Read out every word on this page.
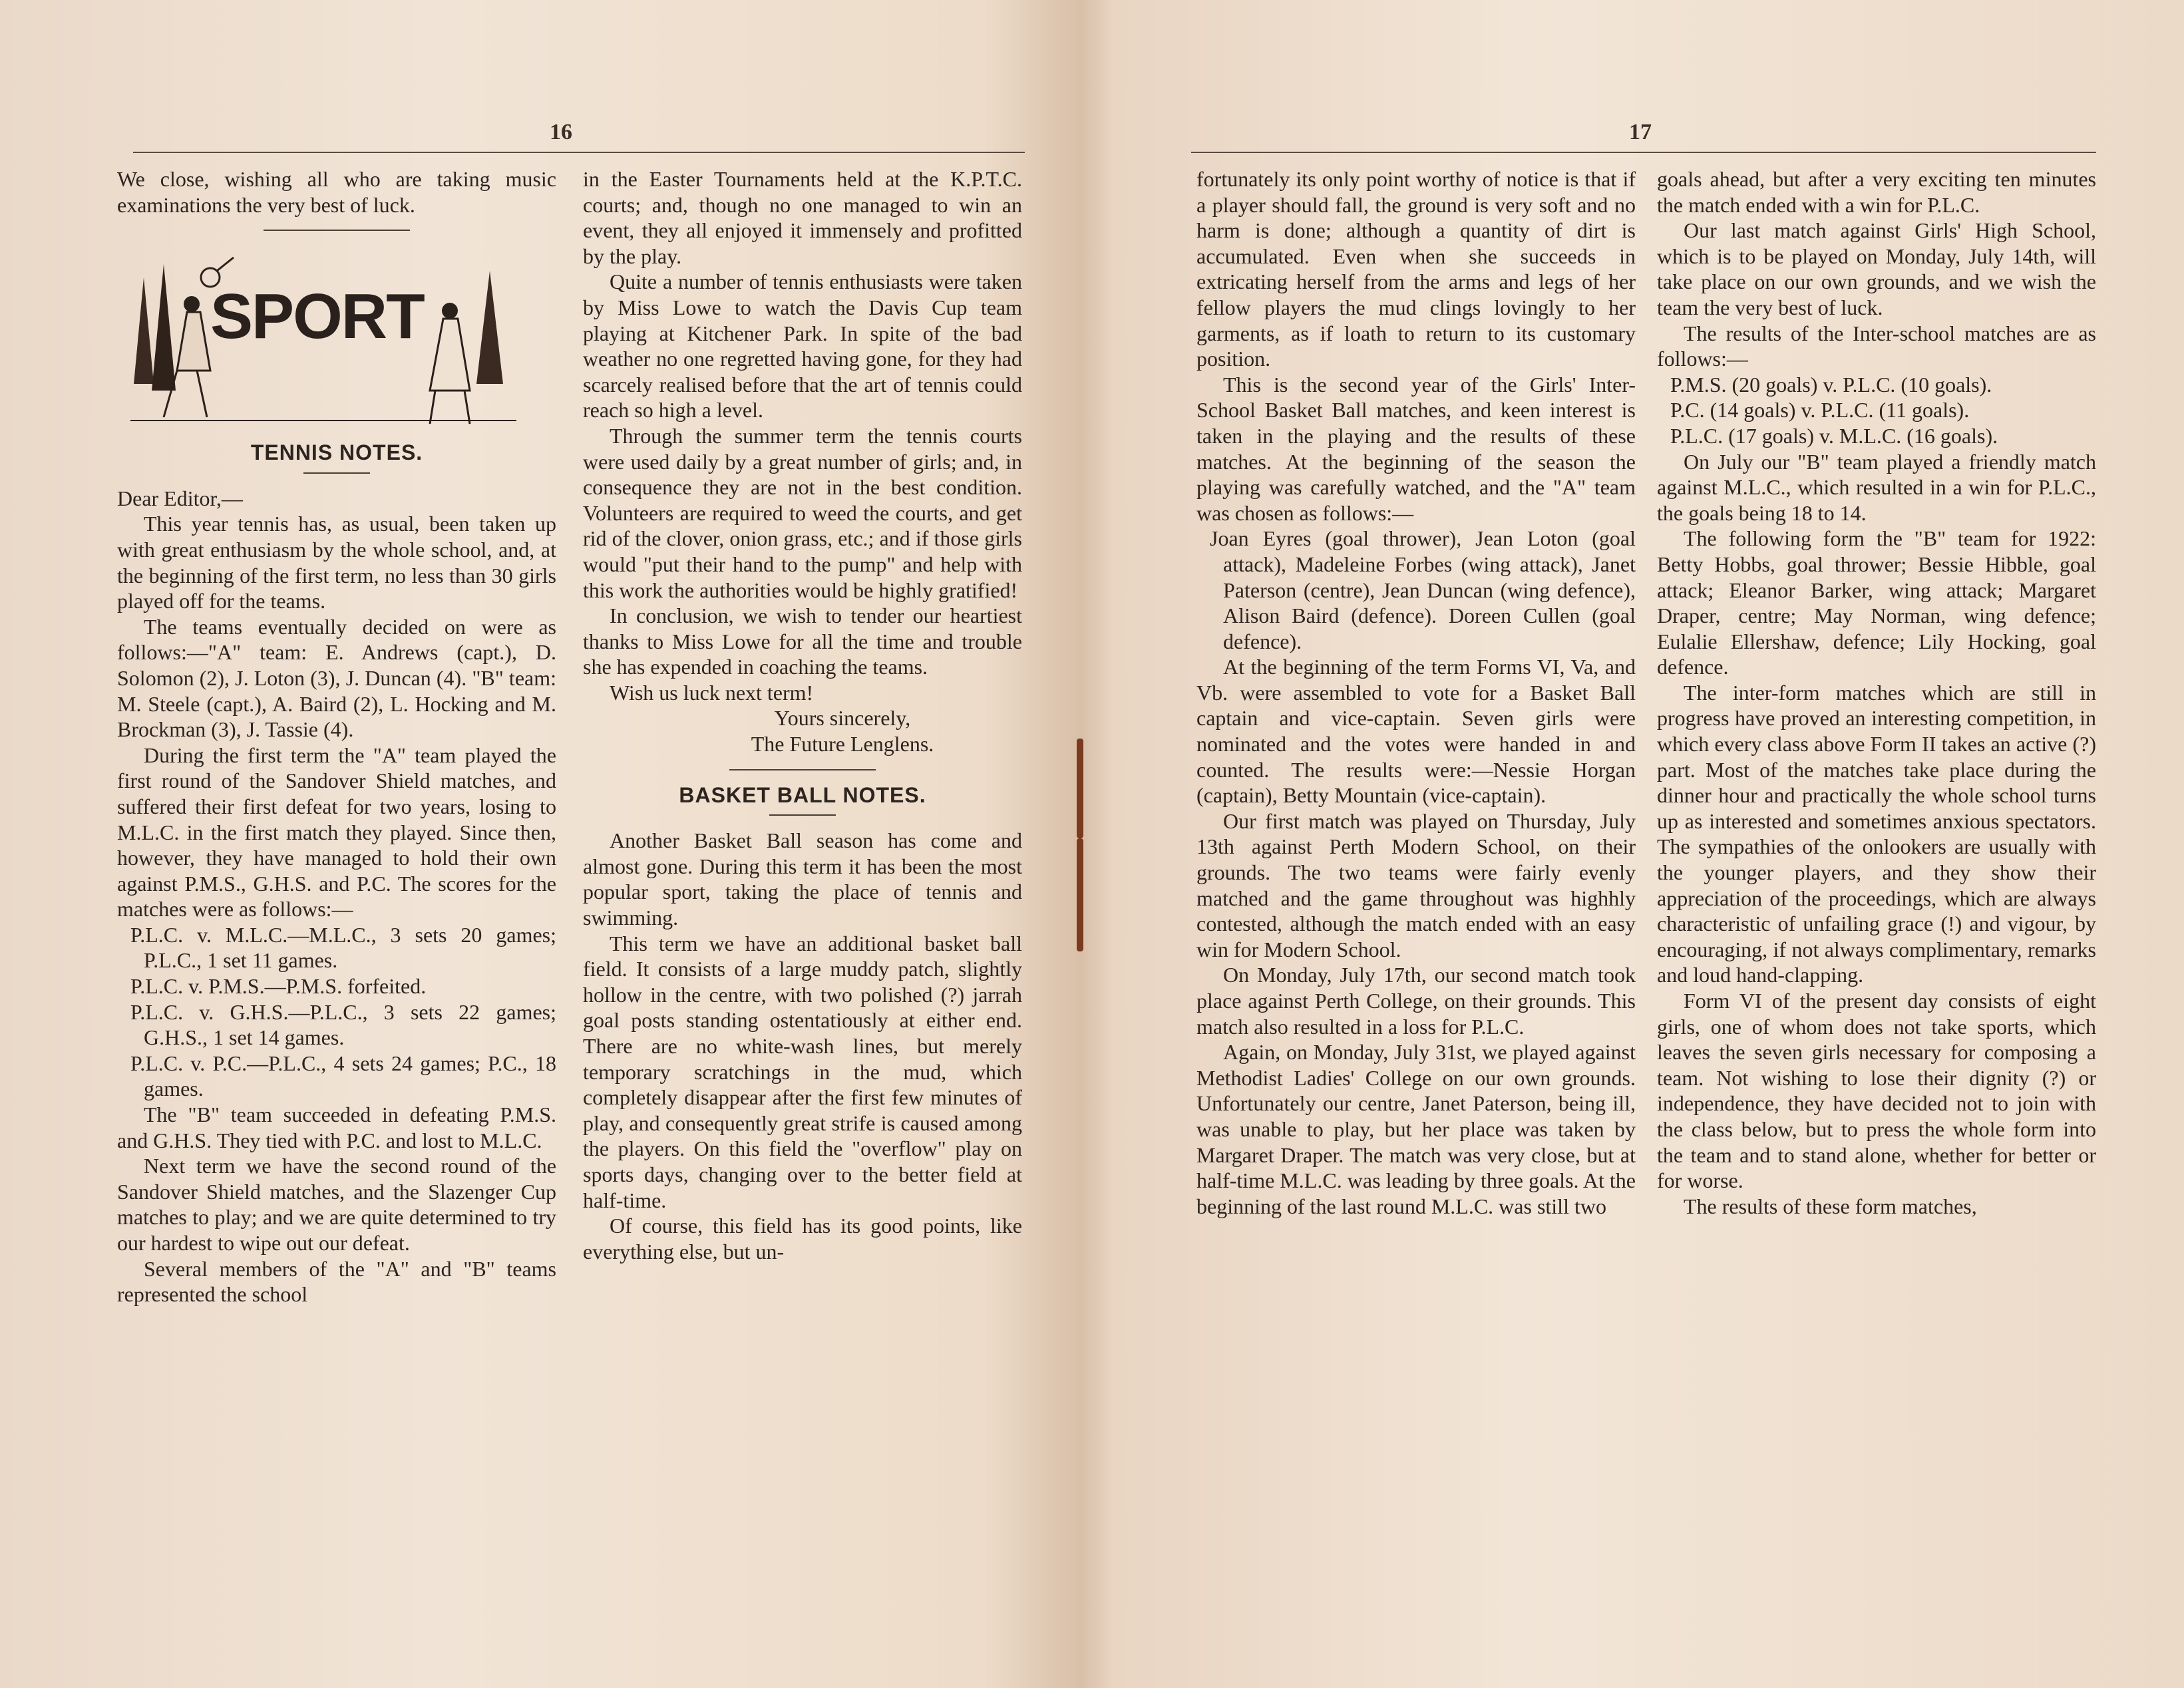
16

We close, wishing all who are taking music examinations the very best of luck.

SPORT
TENNIS NOTES.

Dear Editor,—

This year tennis has, as usual, been taken up with great enthusiasm by the whole school, and, at the beginning of the first term, no less than 30 girls played off for the teams.

The teams eventually decided on were as follows:—"A" team: E. Andrews (capt.), D. Solomon (2), J. Loton (3), J. Duncan (4). "B" team: M. Steele (capt.), A. Baird (2), L. Hocking and M. Brockman (3), J. Tassie (4).

During the first term the "A" team played the first round of the Sandover Shield matches, and suffered their first defeat for two years, losing to M.L.C. in the first match they played. Since then, however, they have managed to hold their own against P.M.S., G.H.S. and P.C. The scores for the matches were as follows:—

P.L.C. v. M.L.C.—M.L.C., 3 sets 20 games; P.L.C., 1 set 11 games.

P.L.C. v. P.M.S.—P.M.S. forfeited.

P.L.C. v. G.H.S.—P.L.C., 3 sets 22 games; G.H.S., 1 set 14 games.

P.L.C. v. P.C.—P.L.C., 4 sets 24 games; P.C., 18 games.

The "B" team succeeded in defeating P.M.S. and G.H.S. They tied with P.C. and lost to M.L.C.

Next term we have the second round of the Sandover Shield matches, and the Slazenger Cup matches to play; and we are quite determined to try our hardest to wipe out our defeat.

Several members of the "A" and "B" teams represented the school

in the Easter Tournaments held at the K.P.T.C. courts; and, though no one managed to win an event, they all enjoyed it immensely and profitted by the play.

Quite a number of tennis enthusiasts were taken by Miss Lowe to watch the Davis Cup team playing at Kitchener Park. In spite of the bad weather no one regretted having gone, for they had scarcely realised before that the art of tennis could reach so high a level.

Through the summer term the tennis courts were used daily by a great number of girls; and, in consequence they are not in the best condition. Volunteers are required to weed the courts, and get rid of the clover, onion grass, etc.; and if those girls would "put their hand to the pump" and help with this work the authorities would be highly gratified!

In conclusion, we wish to tender our heartiest thanks to Miss Lowe for all the time and trouble she has expended in coaching the teams.

Wish us luck next term!

Yours sincerely,

The Future Lenglens.

BASKET BALL NOTES.

Another Basket Ball season has come and almost gone. During this term it has been the most popular sport, taking the place of tennis and swimming.

This term we have an additional basket ball field. It consists of a large muddy patch, slightly hollow in the centre, with two polished (?) jarrah goal posts standing ostentatiously at either end. There are no white-wash lines, but merely temporary scratchings in the mud, which completely disappear after the first few minutes of play, and consequently great strife is caused among the players. On this field the "overflow" play on sports days, changing over to the better field at half-time.

Of course, this field has its good points, like everything else, but un-

17

fortunately its only point worthy of notice is that if a player should fall, the ground is very soft and no harm is done; although a quantity of dirt is accumulated. Even when she succeeds in extricating herself from the arms and legs of her fellow players the mud clings lovingly to her garments, as if loath to return to its customary position.

This is the second year of the Girls' Inter-School Basket Ball matches, and keen interest is taken in the playing and the results of these matches. At the beginning of the season the playing was carefully watched, and the "A" team was chosen as follows:—

Joan Eyres (goal thrower), Jean Loton (goal attack), Madeleine Forbes (wing attack), Janet Paterson (centre), Jean Duncan (wing defence), Alison Baird (defence). Doreen Cullen (goal defence).

At the beginning of the term Forms VI, Va, and Vb. were assembled to vote for a Basket Ball captain and vice-captain. Seven girls were nominated and the votes were handed in and counted. The results were:—Nessie Horgan (captain), Betty Mountain (vice-captain).

Our first match was played on Thursday, July 13th against Perth Modern School, on their grounds. The two teams were fairly evenly matched and the game throughout was highhly contested, although the match ended with an easy win for Modern School.

On Monday, July 17th, our second match took place against Perth College, on their grounds. This match also resulted in a loss for P.L.C.

Again, on Monday, July 31st, we played against Methodist Ladies' College on our own grounds. Unfortunately our centre, Janet Paterson, being ill, was unable to play, but her place was taken by Margaret Draper. The match was very close, but at half-time M.L.C. was leading by three goals. At the beginning of the last round M.L.C. was still two

goals ahead, but after a very exciting ten minutes the match ended with a win for P.L.C.

Our last match against Girls' High School, which is to be played on Monday, July 14th, will take place on our own grounds, and we wish the team the very best of luck.

The results of the Inter-school matches are as follows:—

P.M.S. (20 goals) v. P.L.C. (10 goals).

P.C. (14 goals) v. P.L.C. (11 goals).

P.L.C. (17 goals) v. M.L.C. (16 goals).

On July our "B" team played a friendly match against M.L.C., which resulted in a win for P.L.C., the goals being 18 to 14.

The following form the "B" team for 1922: Betty Hobbs, goal thrower; Bessie Hibble, goal attack; Eleanor Barker, wing attack; Margaret Draper, centre; May Norman, wing defence; Eulalie Ellershaw, defence; Lily Hocking, goal defence.

The inter-form matches which are still in progress have proved an interesting competition, in which every class above Form II takes an active (?) part. Most of the matches take place during the dinner hour and practically the whole school turns up as interested and sometimes anxious spectators. The sympathies of the onlookers are usually with the younger players, and they show their appreciation of the proceedings, which are always characteristic of unfailing grace (!) and vigour, by encouraging, if not always complimentary, remarks and loud hand-clapping.

Form VI of the present day consists of eight girls, one of whom does not take sports, which leaves the seven girls necessary for composing a team. Not wishing to lose their dignity (?) or independence, they have decided not to join with the class below, but to press the whole form into the team and to stand alone, whether for better or for worse.

The results of these form matches,
